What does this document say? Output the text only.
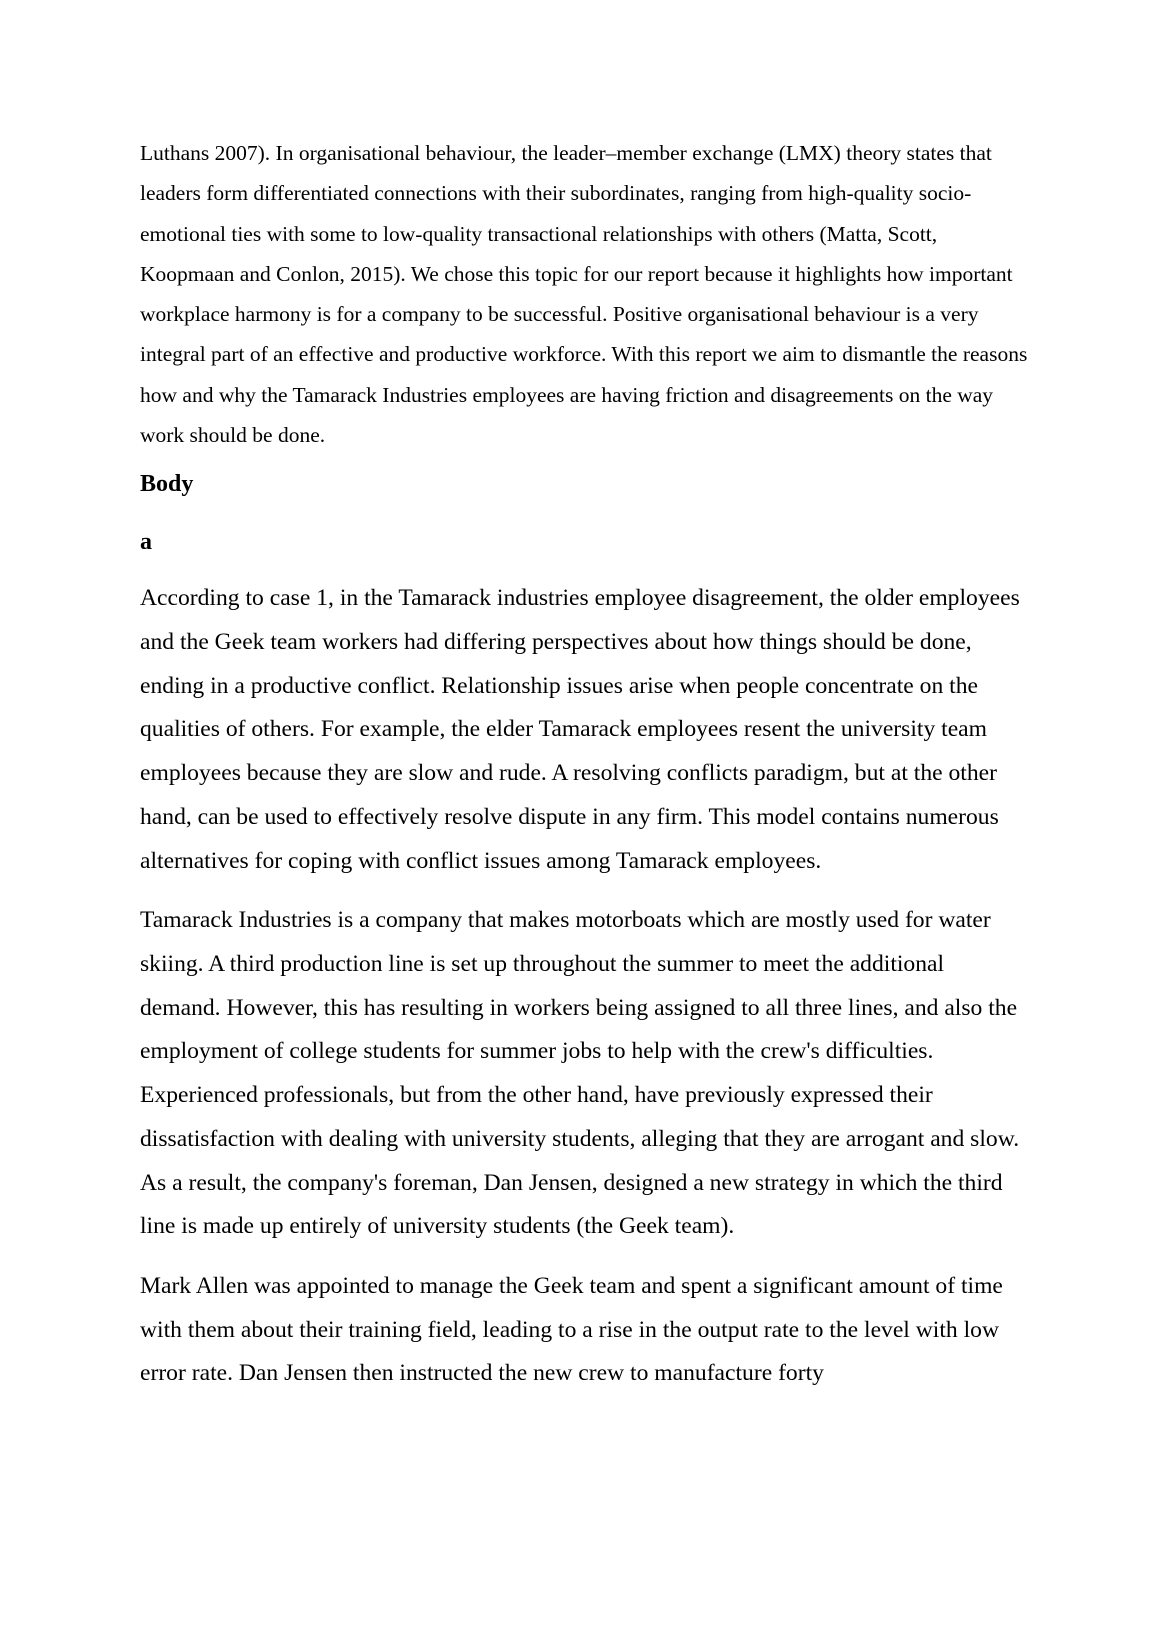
Luthans 2007). In organisational behaviour, the leader–member exchange (LMX) theory states that leaders form differentiated connections with their subordinates, ranging from high-quality socio-emotional ties with some to low-quality transactional relationships with others (Matta, Scott, Koopmaan and Conlon, 2015). We chose this topic for our report because it highlights how important workplace harmony is for a company to be successful. Positive organisational behaviour is a very integral part of an effective and productive workforce. With this report we aim to dismantle the reasons how and why the Tamarack Industries employees are having friction and disagreements on the way work should be done.

Body
a

According to case 1, in the Tamarack industries employee disagreement, the older employees and the Geek team workers had differing perspectives about how things should be done, ending in a productive conflict. Relationship issues arise when people concentrate on the qualities of others. For example, the elder Tamarack employees resent the university team employees because they are slow and rude. A resolving conflicts paradigm, but at the other hand, can be used to effectively resolve dispute in any firm. This model contains numerous alternatives for coping with conflict issues among Tamarack employees.

Tamarack Industries is a company that makes motorboats which are mostly used for water skiing. A third production line is set up throughout the summer to meet the additional demand. However, this has resulting in workers being assigned to all three lines, and also the employment of college students for summer jobs to help with the crew's difficulties. Experienced professionals, but from the other hand, have previously expressed their dissatisfaction with dealing with university students, alleging that they are arrogant and slow. As a result, the company's foreman, Dan Jensen, designed a new strategy in which the third line is made up entirely of university students (the Geek team).

Mark Allen was appointed to manage the Geek team and spent a significant amount of time with them about their training field, leading to a rise in the output rate to the level with low error rate. Dan Jensen then instructed the new crew to manufacture forty
